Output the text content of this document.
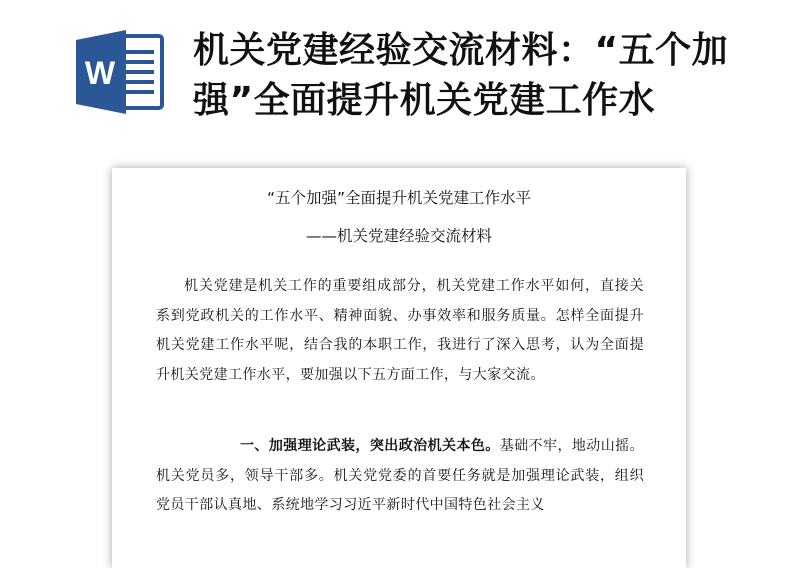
W
机关党建经验交流材料：“五个加强”全面提升机关党建工作水
“五个加强”全面提升机关党建工作水平
——机关党建经验交流材料
机关党建是机关工作的重要组成部分，机关党建工作水平如何，直接关系到党政机关的工作水平、精神面貌、办事效率和服务质量。怎样全面提升机关党建工作水平呢，结合我的本职工作，我进行了深入思考，认为全面提升机关党建工作水平，要加强以下五方面工作，与大家交流。
一、加强理论武装，突出政治机关本色。基础不牢，地动山摇。机关党员多，领导干部多。机关党党委的首要任务就是加强理论武装，组织党员干部认真地、系统地学习习近平新时代中国特色社会主义
